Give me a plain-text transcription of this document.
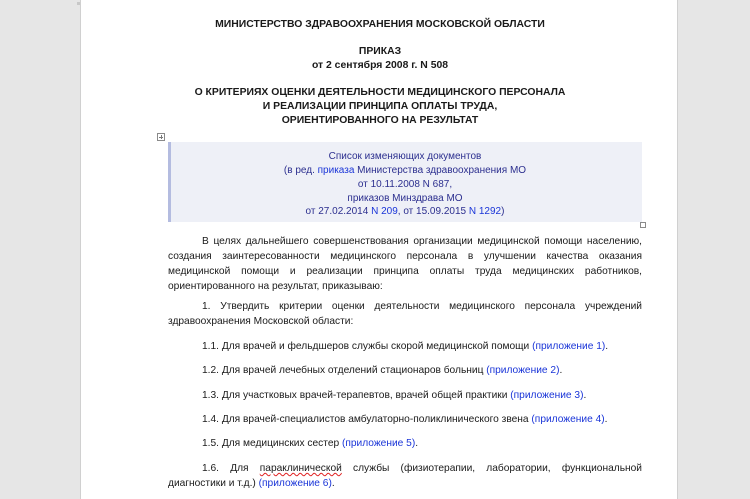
МИНИСТЕРСТВО ЗДРАВООХРАНЕНИЯ МОСКОВСКОЙ ОБЛАСТИ

ПРИКАЗ

от 2 сентября 2008 г. N 508

О КРИТЕРИЯХ ОЦЕНКИ ДЕЯТЕЛЬНОСТИ МЕДИЦИНСКОГО ПЕРСОНАЛА

И РЕАЛИЗАЦИИ ПРИНЦИПА ОПЛАТЫ ТРУДА,

ОРИЕНТИРОВАННОГО НА РЕЗУЛЬТАТ

Список изменяющих документов

(в ред. приказа Министерства здравоохранения МО

от 10.11.2008 N 687,

приказов Минздрава МО

от 27.02.2014 N 209, от 15.09.2015 N 1292)

В целях дальнейшего совершенствования организации медицинской помощи населению,
создания заинтересованности медицинского персонала в улучшении качества оказания
медицинской помощи и реализации принципа оплаты труда медицинских работников,
ориентированного на результат, приказываю:
1. Утвердить критерии оценки деятельности медицинского персонала учреждений
здравоохранения Московской области:

1.1. Для врачей и фельдшеров службы скорой медицинской помощи (приложение 1).

1.2. Для врачей лечебных отделений стационаров больниц (приложение 2).

1.3. Для участковых врачей-терапевтов, врачей общей практики (приложение 3).

1.4. Для врачей-специалистов амбулаторно-поликлинического звена (приложение 4).

1.5. Для медицинских сестер (приложение 5).

1.6. Для параклинической службы (физиотерапии, лаборатории, функциональной
диагностики и т.д.) (приложение 6).
